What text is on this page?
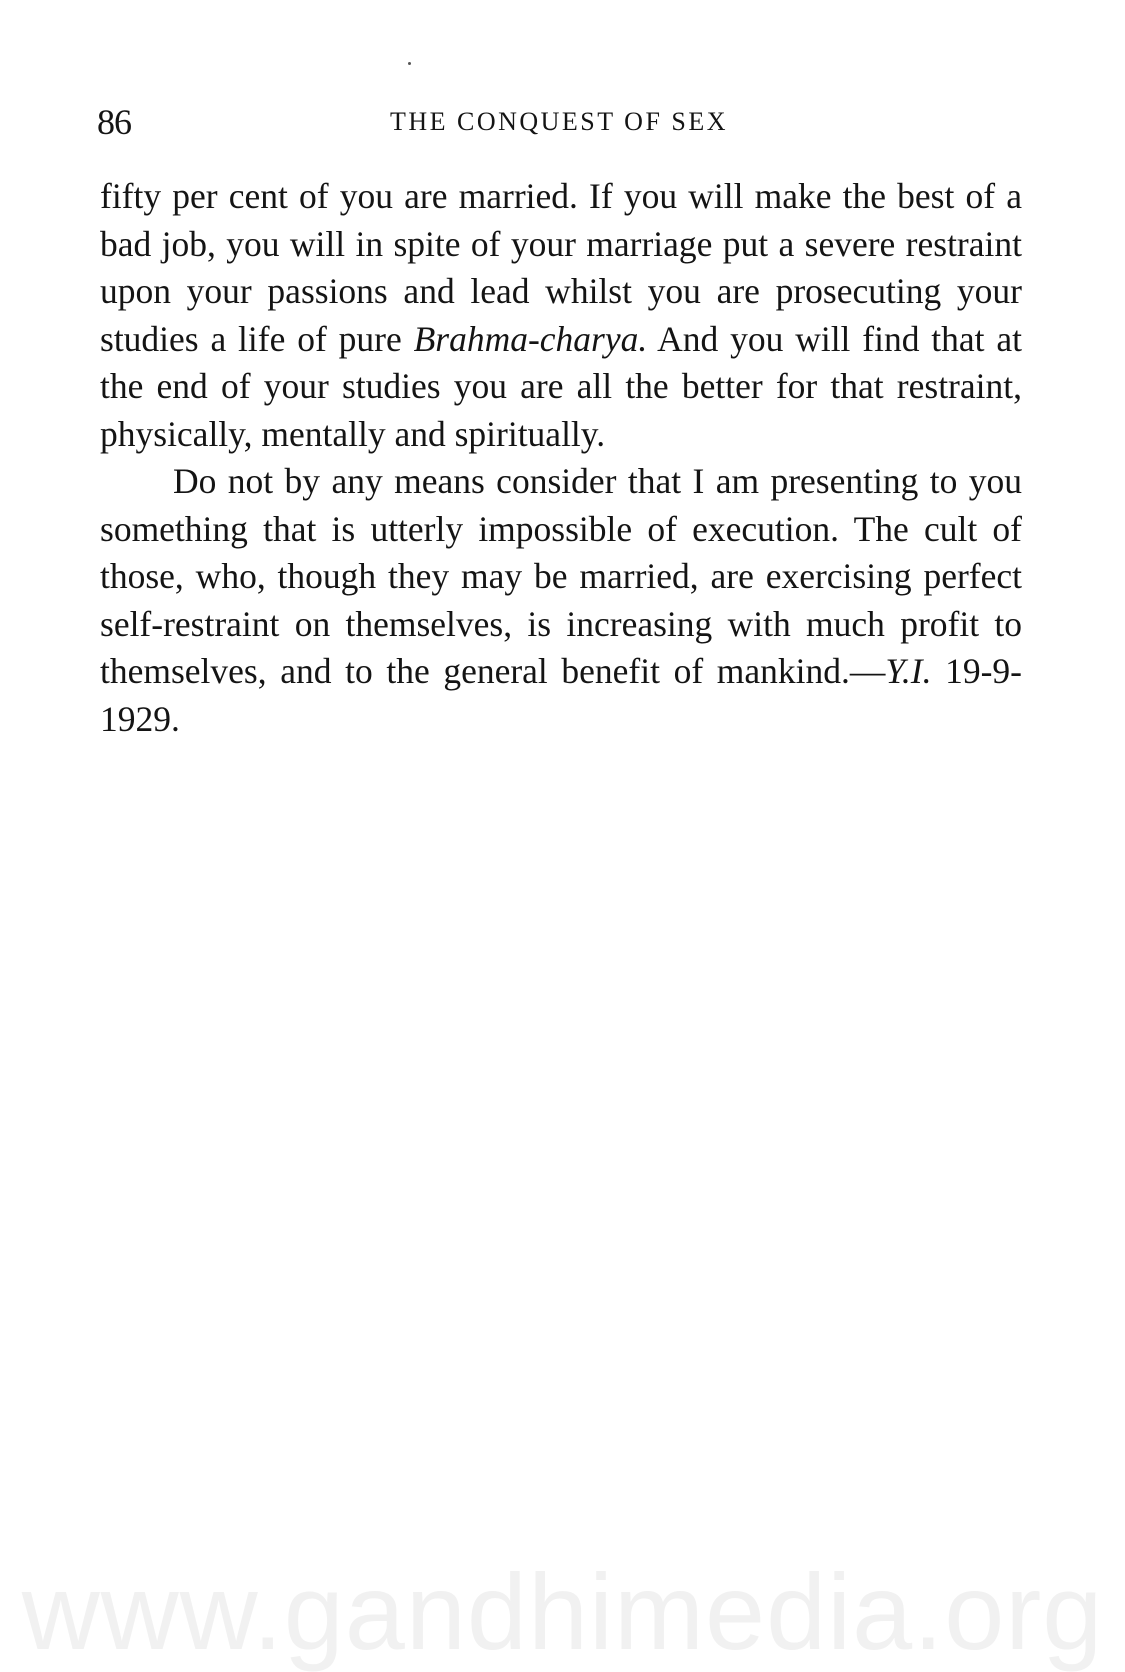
86	THE CONQUEST OF SEX

fifty per cent of you are married. If you will make the best of a bad job, you will in spite of your marriage put a severe restraint upon your passions and lead whilst you are prosecuting your studies a life of pure Brahma-charya. And you will find that at the end of your studies you are all the better for that restraint, physically, mentally and spiritually.

Do not by any means consider that I am presenting to you something that is utterly impossible of execution. The cult of those, who, though they may be married, are exercising perfect self-restraint on themselves, is increasing with much profit to themselves, and to the general benefit of mankind.—Y.I. 19-9-1929.

www.gandhimedia.org
